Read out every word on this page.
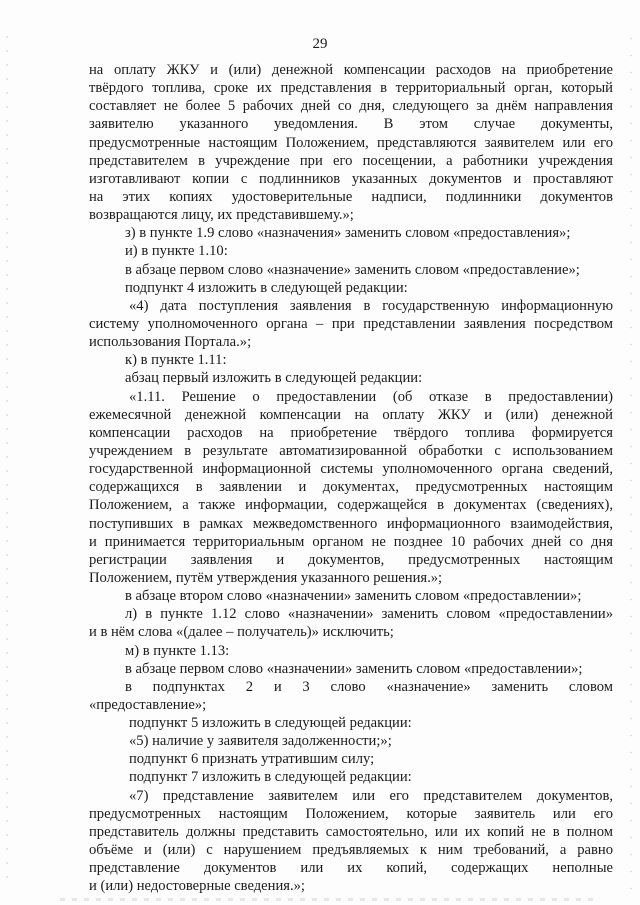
29
на оплату ЖКУ и (или) денежной компенсации расходов на приобретение
твёрдого топлива, сроке их представления в территориальный орган, который
составляет не более 5 рабочих дней со дня, следующего за днём направления
заявителю указанного уведомления. В этом случае документы,
предусмотренные настоящим Положением, представляются заявителем или его
представителем в учреждение при его посещении, а работники учреждения
изготавливают копии с подлинников указанных документов и проставляют
на этих копиях удостоверительные надписи, подлинники документов
возвращаются лицу, их представившему.»;
з) в пункте 1.9 слово «назначения» заменить словом «предоставления»;
и) в пункте 1.10:
в абзаце первом слово «назначение» заменить словом «предоставление»;
подпункт 4 изложить в следующей редакции:
«4) дата поступления заявления в государственную информационную
систему уполномоченного органа – при представлении заявления посредством
использования Портала.»;
к) в пункте 1.11:
абзац первый изложить в следующей редакции:
«1.11. Решение о предоставлении (об отказе в предоставлении)
ежемесячной денежной компенсации на оплату ЖКУ и (или) денежной
компенсации расходов на приобретение твёрдого топлива формируется
учреждением в результате автоматизированной обработки с использованием
государственной информационной системы уполномоченного органа сведений,
содержащихся в заявлении и документах, предусмотренных настоящим
Положением, а также информации, содержащейся в документах (сведениях),
поступивших в рамках межведомственного информационного взаимодействия,
и принимается территориальным органом не позднее 10 рабочих дней со дня
регистрации заявления и документов, предусмотренных настоящим
Положением, путём утверждения указанного решения.»;
в абзаце втором слово «назначении» заменить словом «предоставлении»;
л) в пункте 1.12 слово «назначении» заменить словом «предоставлении»
и в нём слова «(далее – получатель)» исключить;
м) в пункте 1.13:
в абзаце первом слово «назначении» заменить словом «предоставлении»;
в подпунктах 2 и 3 слово «назначение» заменить словом
«предоставление»;
подпункт 5 изложить в следующей редакции:
«5) наличие у заявителя задолженности;»;
подпункт 6 признать утратившим силу;
подпункт 7 изложить в следующей редакции:
«7) представление заявителем или его представителем документов,
предусмотренных настоящим Положением, которые заявитель или его
представитель должны представить самостоятельно, или их копий не в полном
объёме и (или) с нарушением предъявляемых к ним требований, а равно
представление документов или их копий, содержащих неполные
и (или) недостоверные сведения.»;
